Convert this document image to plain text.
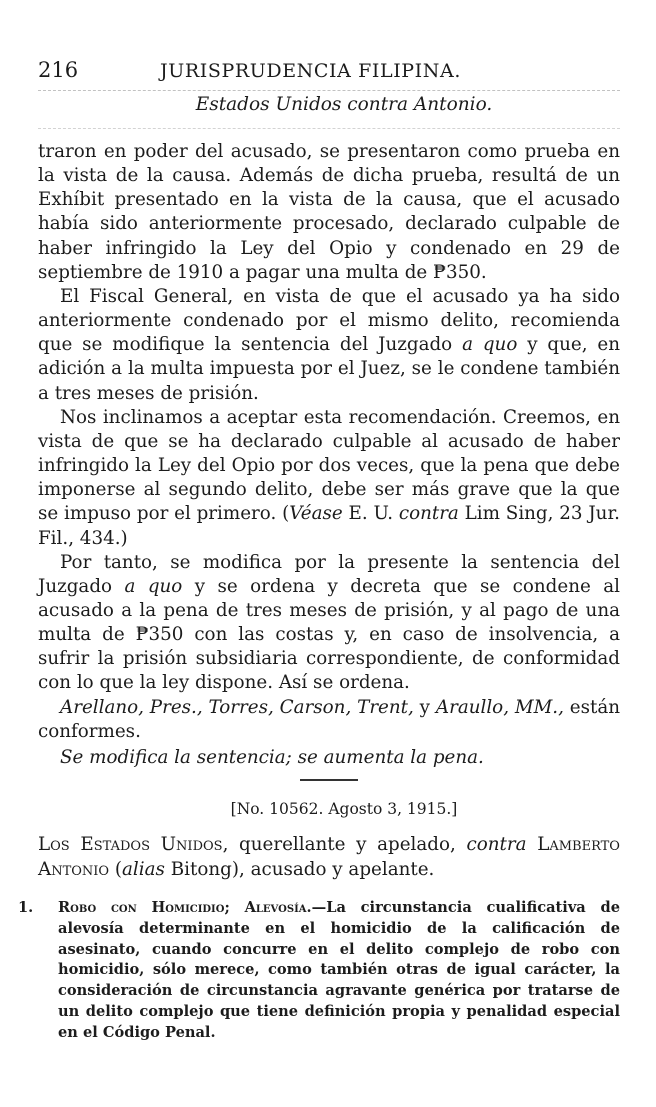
216	JURISPRUDENCIA FILIPINA.
Estados Unidos contra Antonio.

traron en poder del acusado, se presentaron como prueba en la vista de la causa. Además de dicha prueba, resultá de un Exhíbit presentado en la vista de la causa, que el acusado había sido anteriormente procesado, declarado culpable de haber infringido la Ley del Opio y condenado en 29 de septiembre de 1910 a pagar una multa de ₱350.

El Fiscal General, en vista de que el acusado ya ha sido anteriormente condenado por el mismo delito, recomienda que se modifique la sentencia del Juzgado a quo y que, en adición a la multa impuesta por el Juez, se le condene también a tres meses de prisión.

Nos inclinamos a aceptar esta recomendación. Creemos, en vista de que se ha declarado culpable al acusado de haber infringido la Ley del Opio por dos veces, que la pena que debe imponerse al segundo delito, debe ser más grave que la que se impuso por el primero. (Véase E. U. contra Lim Sing, 23 Jur. Fil., 434.)

Por tanto, se modifica por la presente la sentencia del Juzgado a quo y se ordena y decreta que se condene al acusado a la pena de tres meses de prisión, y al pago de una multa de ₱350 con las costas y, en caso de insolvencia, a sufrir la prisión subsidiaria correspondiente, de conformidad con lo que la ley dispone. Así se ordena.

Arellano, Pres., Torres, Carson, Trent, y Araullo, MM., están conformes.

Se modifica la sentencia; se aumenta la pena.

[No. 10562. Agosto 3, 1915.]
Los Estados Unidos, querellante y apelado, contra Lamberto Antonio (alias Bitong), acusado y apelante.
1. Robo con Homicidio; Alevosía.—La circunstancia cualificativa de alevosía determinante en el homicidio de la calificación de asesinato, cuando concurre en el delito complejo de robo con homicidio, sólo merece, como también otras de igual carácter, la consideración de circunstancia agravante genérica por tratarse de un delito complejo que tiene definición propia y penalidad especial en el Código Penal.
